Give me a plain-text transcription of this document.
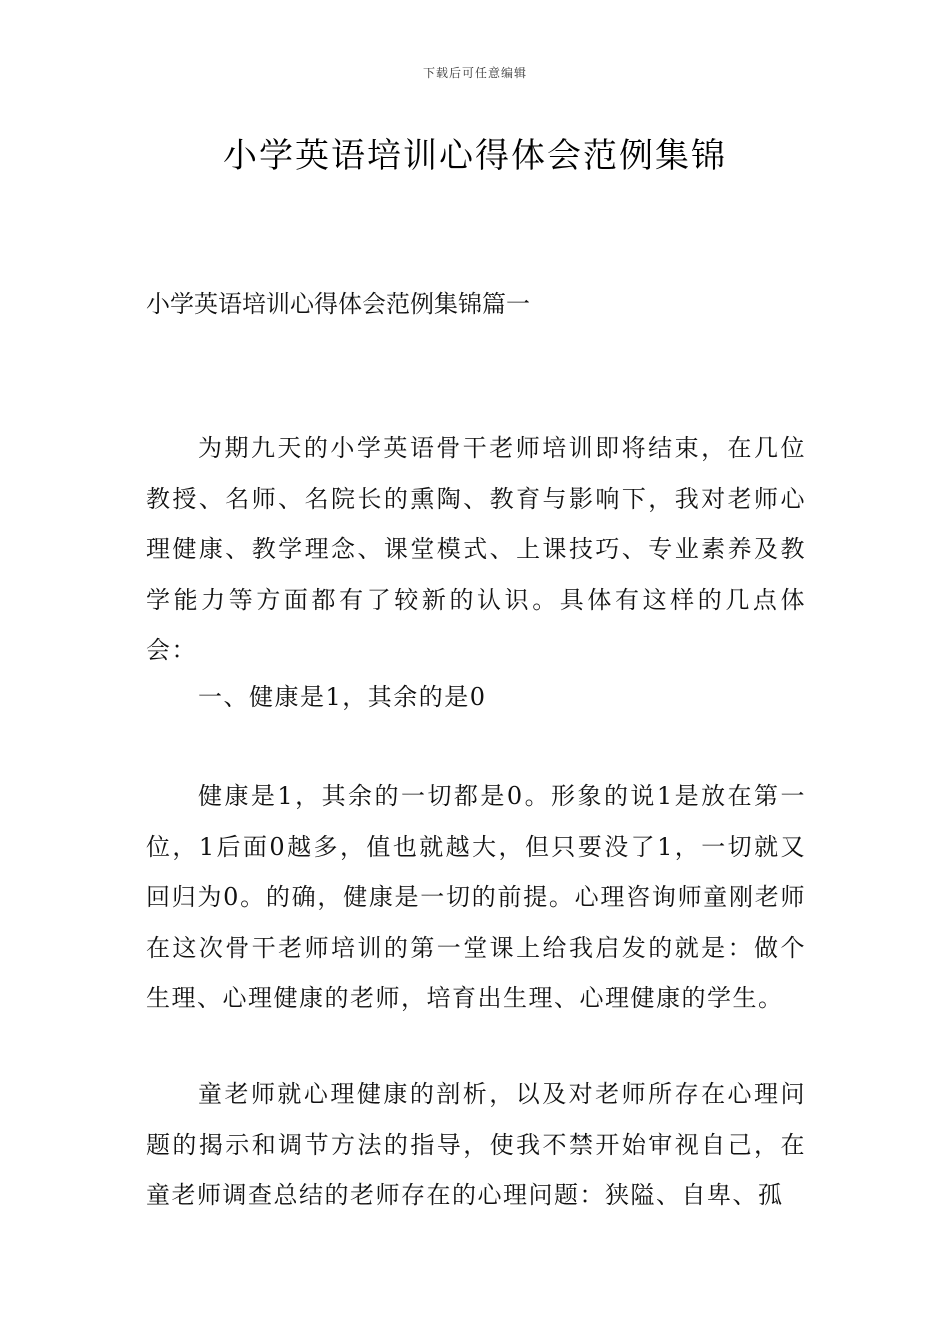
下载后可任意编辑
小学英语培训心得体会范例集锦
小学英语培训心得体会范例集锦篇一

为期九天的小学英语骨干老师培训即将结束，在几位教授、名师、名院长的熏陶、教育与影响下，我对老师心理健康、教学理念、课堂模式、上课技巧、专业素养及教学能力等方面都有了较新的认识。具体有这样的几点体会：

一、健康是1，其余的是0

健康是1，其余的一切都是0。形象的说1是放在第一位，1后面0越多，值也就越大，但只要没了1，一切就又回归为0。的确，健康是一切的前提。心理咨询师童刚老师在这次骨干老师培训的第一堂课上给我启发的就是：做个生理、心理健康的老师，培育出生理、心理健康的学生。

童老师就心理健康的剖析，以及对老师所存在心理问题的揭示和调节方法的指导，使我不禁开始审视自己，在童老师调查总结的老师存在的心理问题：狭隘、自卑、孤
